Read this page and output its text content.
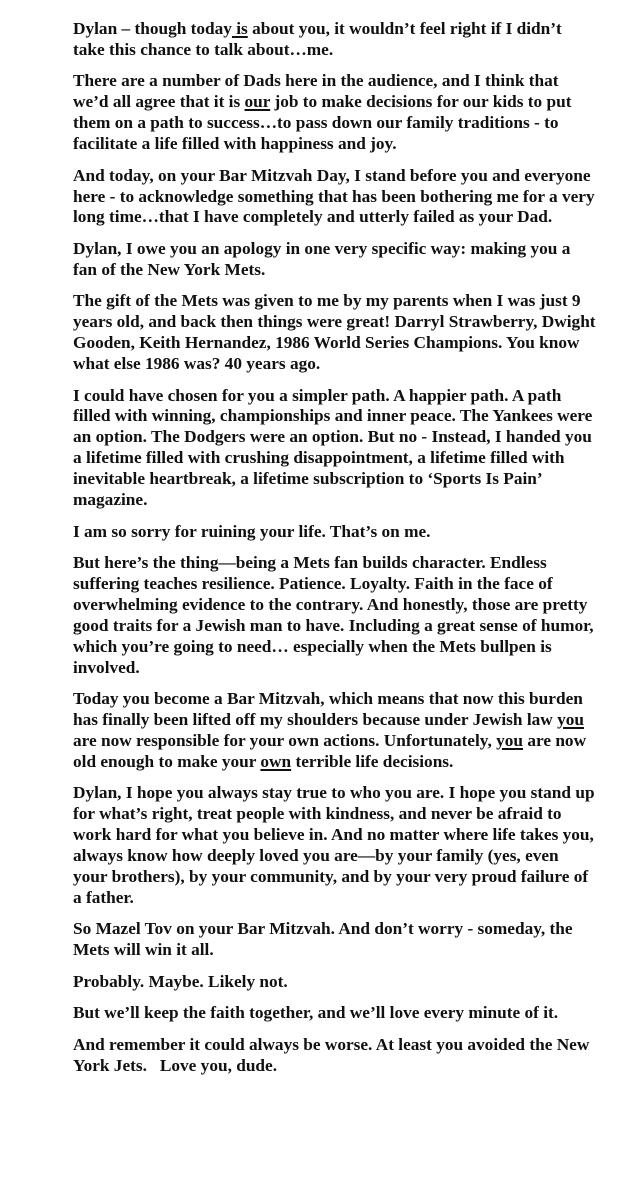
Dylan – though today is about you, it wouldn’t feel right if I didn’t take this chance to talk about…me.

There are a number of Dads here in the audience, and I think that we’d all agree that it is our job to make decisions for our kids to put them on a path to success…to pass down our family traditions - to facilitate a life filled with happiness and joy.

And today, on your Bar Mitzvah Day, I stand before you and everyone here - to acknowledge something that has been bothering me for a very long time…that I have completely and utterly failed as your Dad.

Dylan, I owe you an apology in one very specific way: making you a fan of the New York Mets.

The gift of the Mets was given to me by my parents when I was just 9 years old, and back then things were great! Darryl Strawberry, Dwight Gooden, Keith Hernandez, 1986 World Series Champions. You know what else 1986 was? 40 years ago.

I could have chosen for you a simpler path. A happier path. A path filled with winning, championships and inner peace. The Yankees were an option. The Dodgers were an option. But no - Instead, I handed you a lifetime filled with crushing disappointment, a lifetime filled with inevitable heartbreak, a lifetime subscription to ‘Sports Is Pain’ magazine.

I am so sorry for ruining your life. That’s on me.

But here’s the thing—being a Mets fan builds character. Endless suffering teaches resilience. Patience. Loyalty. Faith in the face of overwhelming evidence to the contrary. And honestly, those are pretty good traits for a Jewish man to have. Including a great sense of humor, which you’re going to need… especially when the Mets bullpen is involved.

Today you become a Bar Mitzvah, which means that now this burden has finally been lifted off my shoulders because under Jewish law you are now responsible for your own actions. Unfortunately, you are now old enough to make your own terrible life decisions.

Dylan, I hope you always stay true to who you are. I hope you stand up for what’s right, treat people with kindness, and never be afraid to work hard for what you believe in. And no matter where life takes you, always know how deeply loved you are—by your family (yes, even your brothers), by your community, and by your very proud failure of a father.

So Mazel Tov on your Bar Mitzvah. And don’t worry - someday, the Mets will win it all.

Probably. Maybe. Likely not.

But we’ll keep the faith together, and we’ll love every minute of it.

And remember it could always be worse. At least you avoided the New York Jets.   Love you, dude.
